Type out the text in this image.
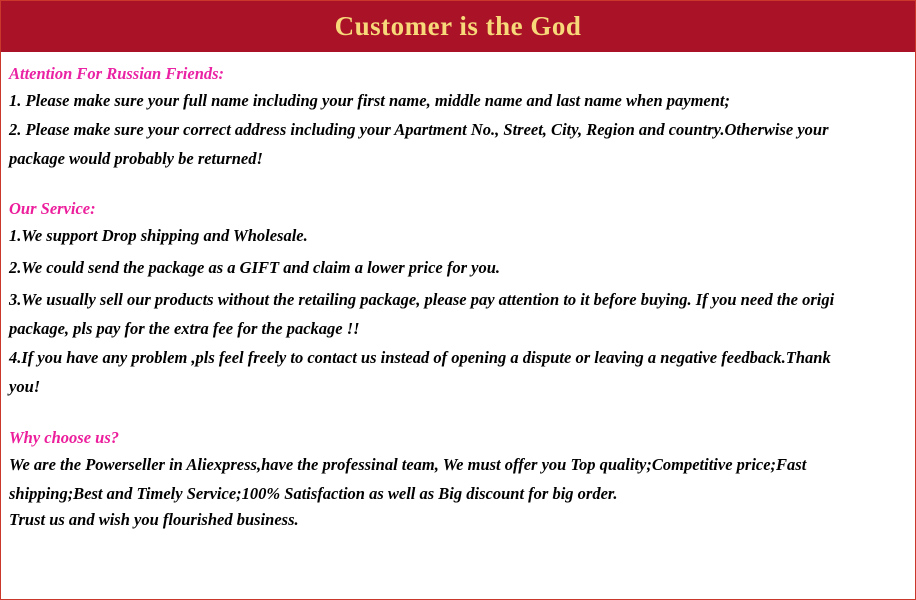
Customer is the God

Attention For Russian Friends:

1. Please make sure your full name including your first name, middle name and last name when payment;

2. Please make sure your correct address including your Apartment No., Street, City, Region and country.Otherwise your

package would probably be returned!

Our Service:

1.We support Drop shipping and Wholesale.

2.We could send the package as a GIFT and claim a lower price for you.

3.We usually sell our products without the retailing package, please pay attention to it before buying. If you need the origi

package, pls pay for the extra fee for the package !!

4.If you have any problem ,pls feel freely to contact us instead of opening a dispute or leaving a negative feedback.Thank

you!

Why choose us?

We are the Powerseller in Aliexpress,have the professinal team, We must offer you Top quality;Competitive price;Fast

shipping;Best and Timely Service;100% Satisfaction as well as Big discount for big order.

Trust us and wish you flourished business.
